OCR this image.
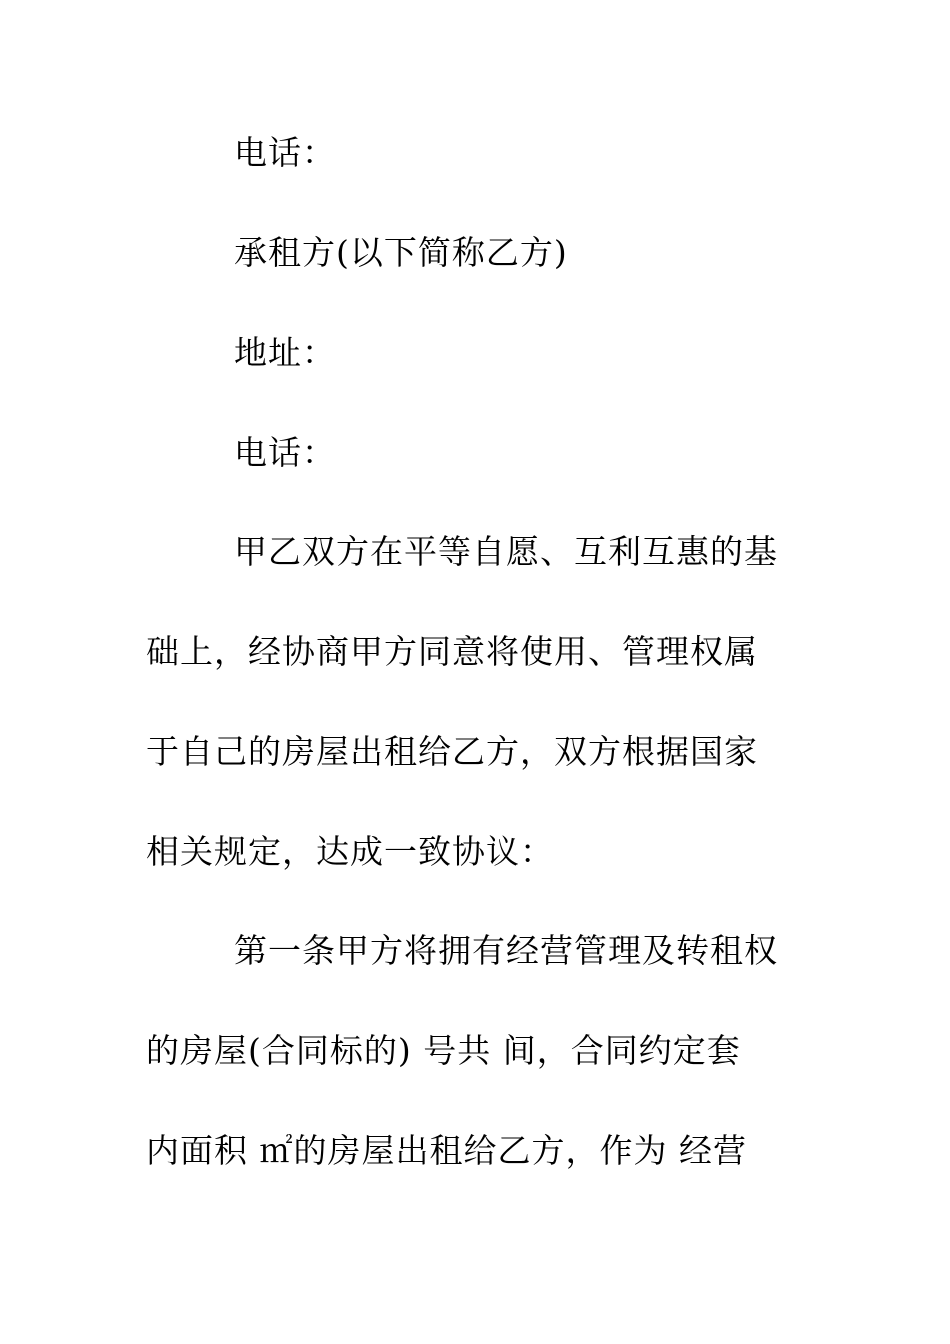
电话：
承租方(以下简称乙方)
地址：
电话：
甲乙双方在平等自愿、互利互惠的基
础上，经协商甲方同意将使用、管理权属
于自己的房屋出租给乙方，双方根据国家
相关规定，达成一致协议：
第一条甲方将拥有经营管理及转租权
的房屋(合同标的) 号共 间，合同约定套
内面积 ㎡的房屋出租给乙方，作为 经营
